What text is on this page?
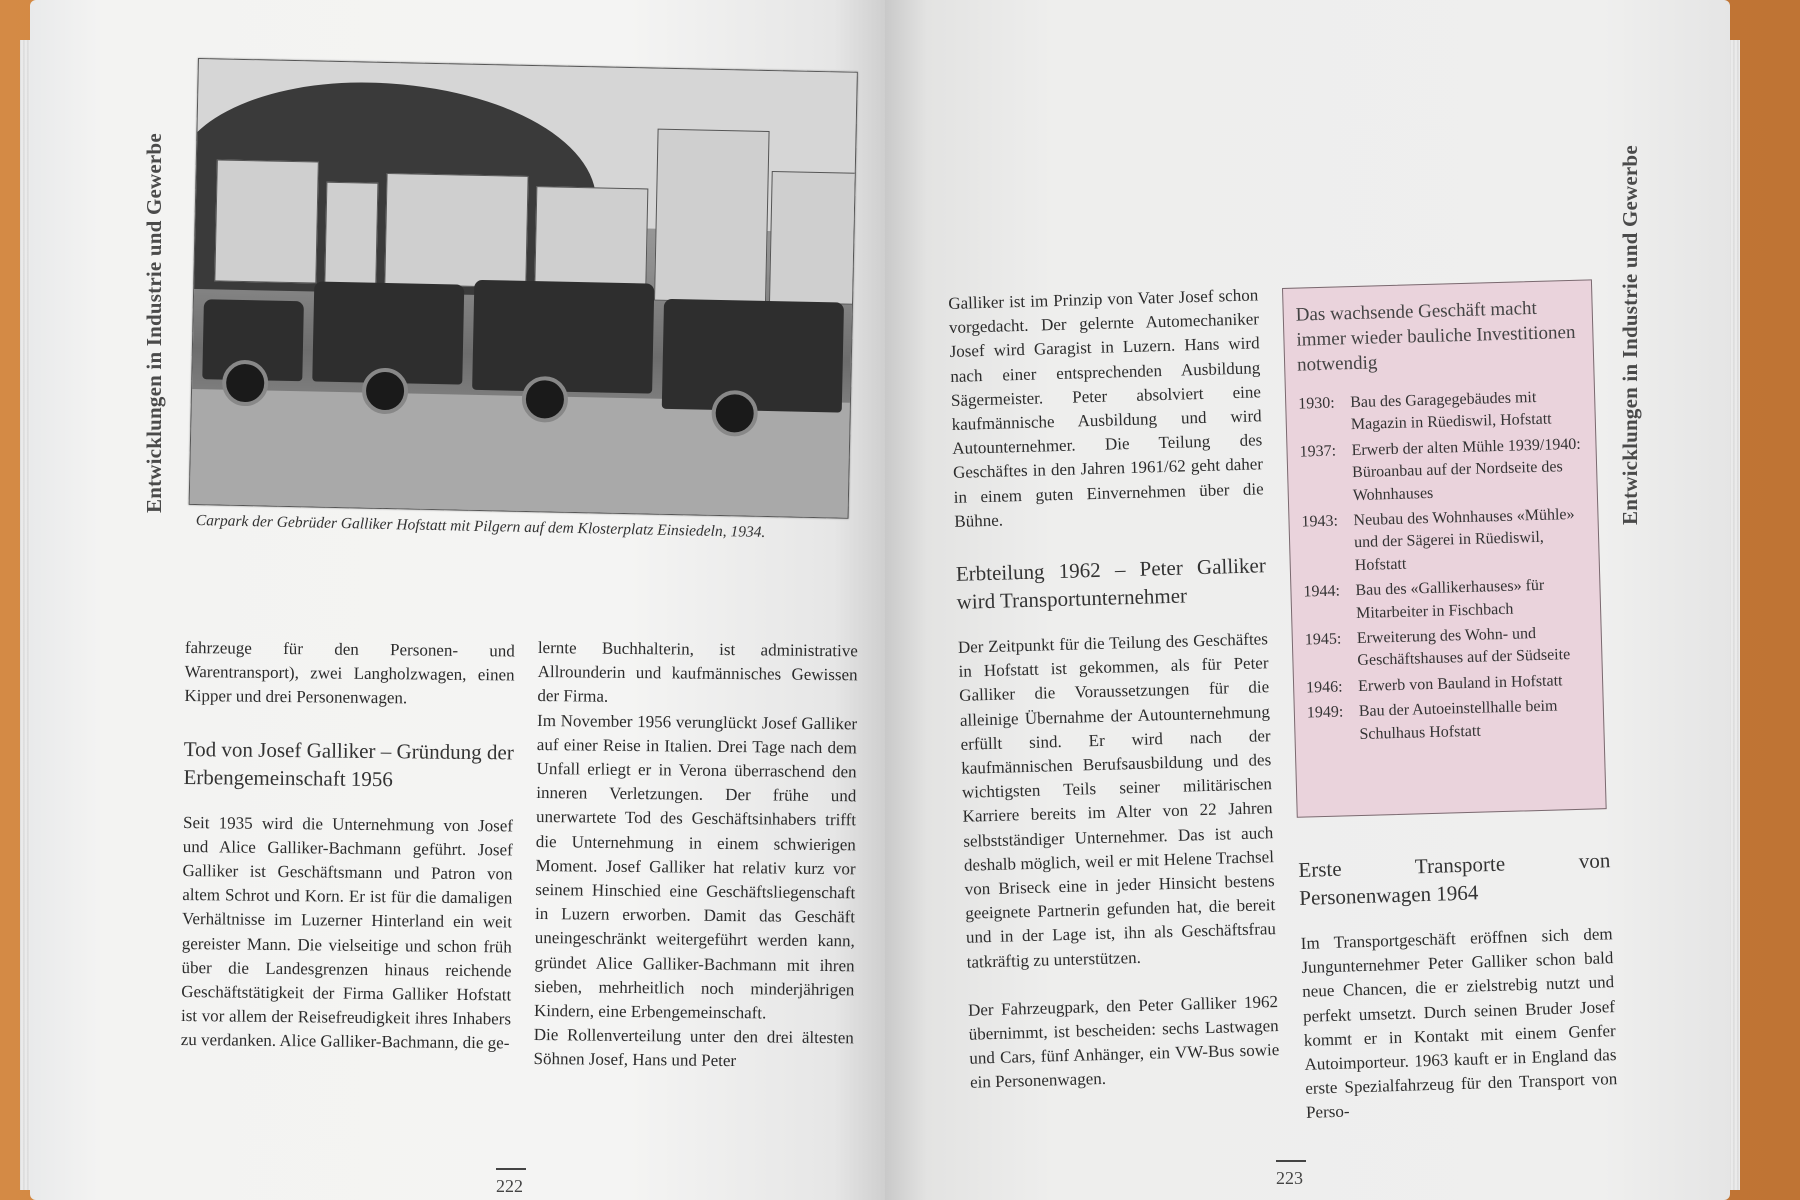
Entwicklungen in Industrie und Gewerbe
Carpark der Gebrüder Galliker Hofstatt mit Pilgern auf dem Klosterplatz Einsiedeln, 1934.

fahrzeuge für den Personen- und Warentransport), zwei Langholzwagen, einen Kipper und drei Personenwagen.

Tod von Josef Galliker – Gründung der Erbengemeinschaft 1956

Seit 1935 wird die Unternehmung von Josef und Alice Galliker-Bachmann geführt. Josef Galliker ist Geschäftsmann und Patron von altem Schrot und Korn. Er ist für die damaligen Verhältnisse im Luzerner Hinterland ein weit gereister Mann. Die vielseitige und schon früh über die Landesgrenzen hinaus reichende Geschäftstätigkeit der Firma Galliker Hofstatt ist vor allem der Reisefreudigkeit ihres Inhabers zu verdanken. Alice Galliker-Bachmann, die ge-

lernte Buchhalterin, ist administrative Allrounderin und kaufmännisches Gewissen der Firma.

Im November 1956 verunglückt Josef Galliker auf einer Reise in Italien. Drei Tage nach dem Unfall erliegt er in Verona überraschend den inneren Verletzungen. Der frühe und unerwartete Tod des Geschäftsinhabers trifft die Unternehmung in einem schwierigen Moment. Josef Galliker hat relativ kurz vor seinem Hinschied eine Geschäftsliegenschaft in Luzern erworben. Damit das Geschäft uneingeschränkt weitergeführt werden kann, gründet Alice Galliker-Bachmann mit ihren sieben, mehrheitlich noch minderjährigen Kindern, eine Erbengemeinschaft.

Die Rollenverteilung unter den drei ältesten Söhnen Josef, Hans und Peter

222
Entwicklungen in Industrie und Gewerbe

Galliker ist im Prinzip von Vater Josef schon vorgedacht. Der gelernte Automechaniker Josef wird Garagist in Luzern. Hans wird nach einer entsprechenden Ausbildung Sägermeister. Peter absolviert eine kaufmännische Ausbildung und wird Autounternehmer. Die Teilung des Geschäftes in den Jahren 1961/62 geht daher in einem guten Einvernehmen über die Bühne.

Erbteilung 1962 – Peter Galliker wird Transportunternehmer

Der Zeitpunkt für die Teilung des Geschäftes in Hofstatt ist gekommen, als für Peter Galliker die Voraussetzungen für die alleinige Übernahme der Autounternehmung erfüllt sind. Er wird nach der kaufmännischen Berufsausbildung und des wichtigsten Teils seiner militärischen Karriere bereits im Alter von 22 Jahren selbstständiger Unternehmer. Das ist auch deshalb möglich, weil er mit Helene Trachsel von Briseck eine in jeder Hinsicht bestens geeignete Partnerin gefunden hat, die bereit und in der Lage ist, ihn als Geschäftsfrau tatkräftig zu unterstützen.

Der Fahrzeugpark, den Peter Galliker 1962 übernimmt, ist bescheiden: sechs Lastwagen und Cars, fünf Anhänger, ein VW-Bus sowie ein Personenwagen.

Das wachsende Geschäft macht immer wieder bauliche Investitionen notwendig
1930: Bau des Garagegebäudes mit Magazin in Rüediswil, Hofstatt
1937: Erwerb der alten Mühle 1939/1940: Büroanbau auf der Nordseite des Wohnhauses
1943: Neubau des Wohnhauses «Mühle» und der Sägerei in Rüediswil, Hofstatt
1944: Bau des «Gallikerhauses» für Mitarbeiter in Fischbach
1945: Erweiterung des Wohn- und Geschäftshauses auf der Südseite
1946: Erwerb von Bauland in Hofstatt
1949: Bau der Autoeinstellhalle beim Schulhaus Hofstatt
Erste Transporte von Personenwagen 1964

Im Transportgeschäft eröffnen sich dem Jungunternehmer Peter Galliker schon bald neue Chancen, die er zielstrebig nutzt und perfekt umsetzt. Durch seinen Bruder Josef kommt er in Kontakt mit einem Genfer Autoimporteur. 1963 kauft er in England das erste Spezialfahrzeug für den Transport von Perso-

223
